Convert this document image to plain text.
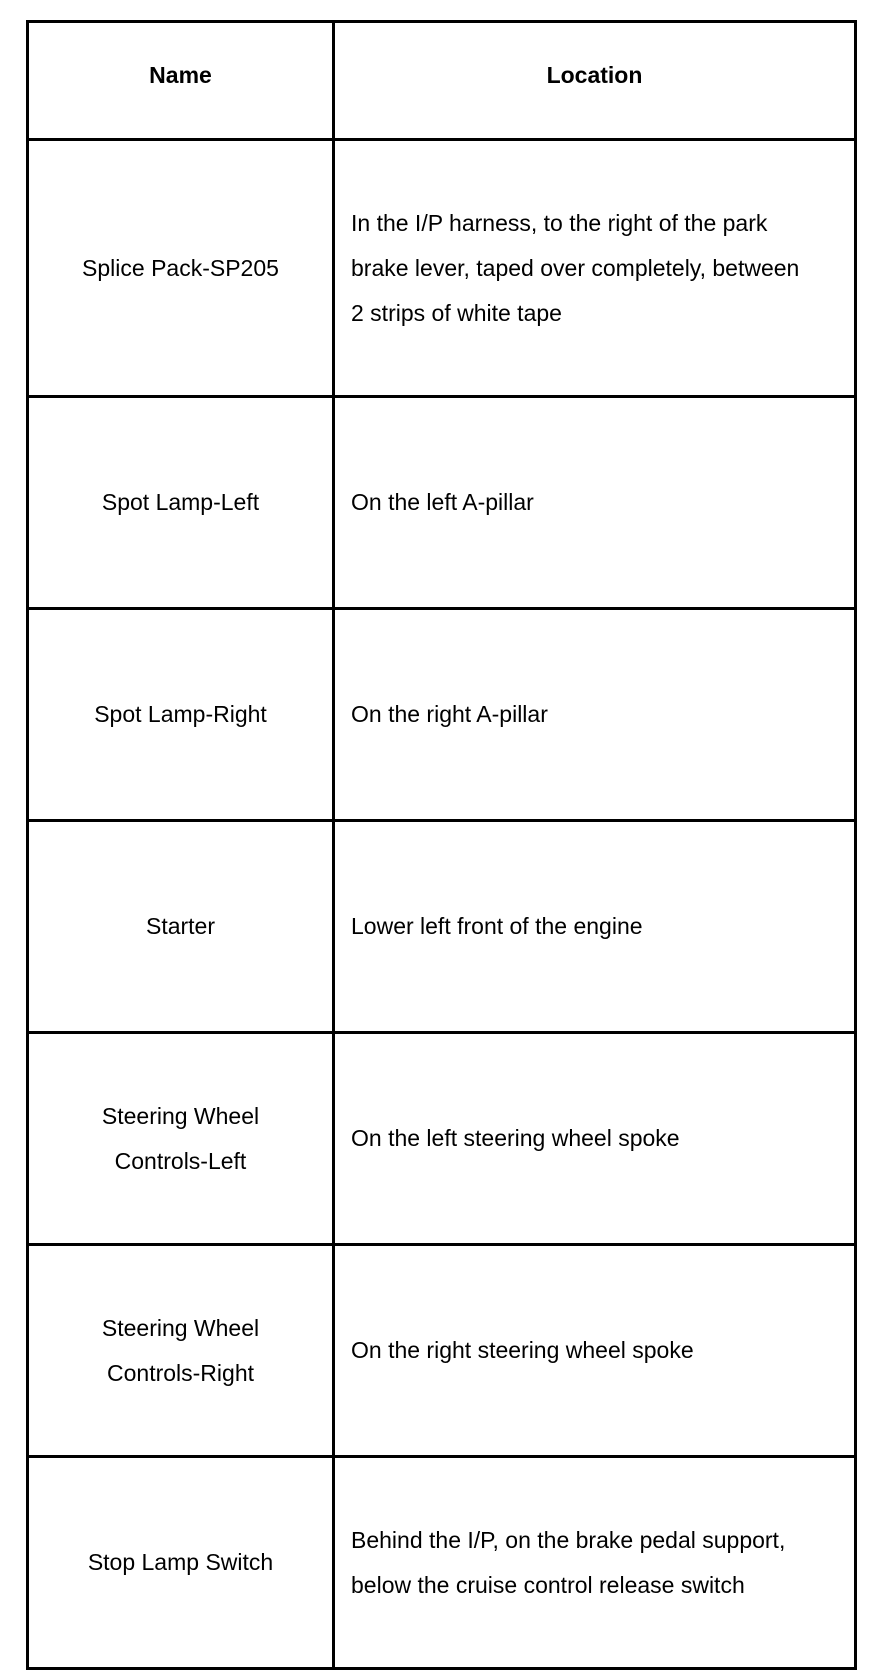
Name	Location
Splice Pack-SP205	In the I/P harness, to the right of the park brake lever, taped over completely, between 2 strips of white tape
Spot Lamp-Left	On the left A-pillar
Spot Lamp-Right	On the right A-pillar
Starter	Lower left front of the engine
Steering Wheel Controls-Left	On the left steering wheel spoke
Steering Wheel Controls-Right	On the right steering wheel spoke
Stop Lamp Switch	Behind the I/P, on the brake pedal support, below the cruise control release switch
